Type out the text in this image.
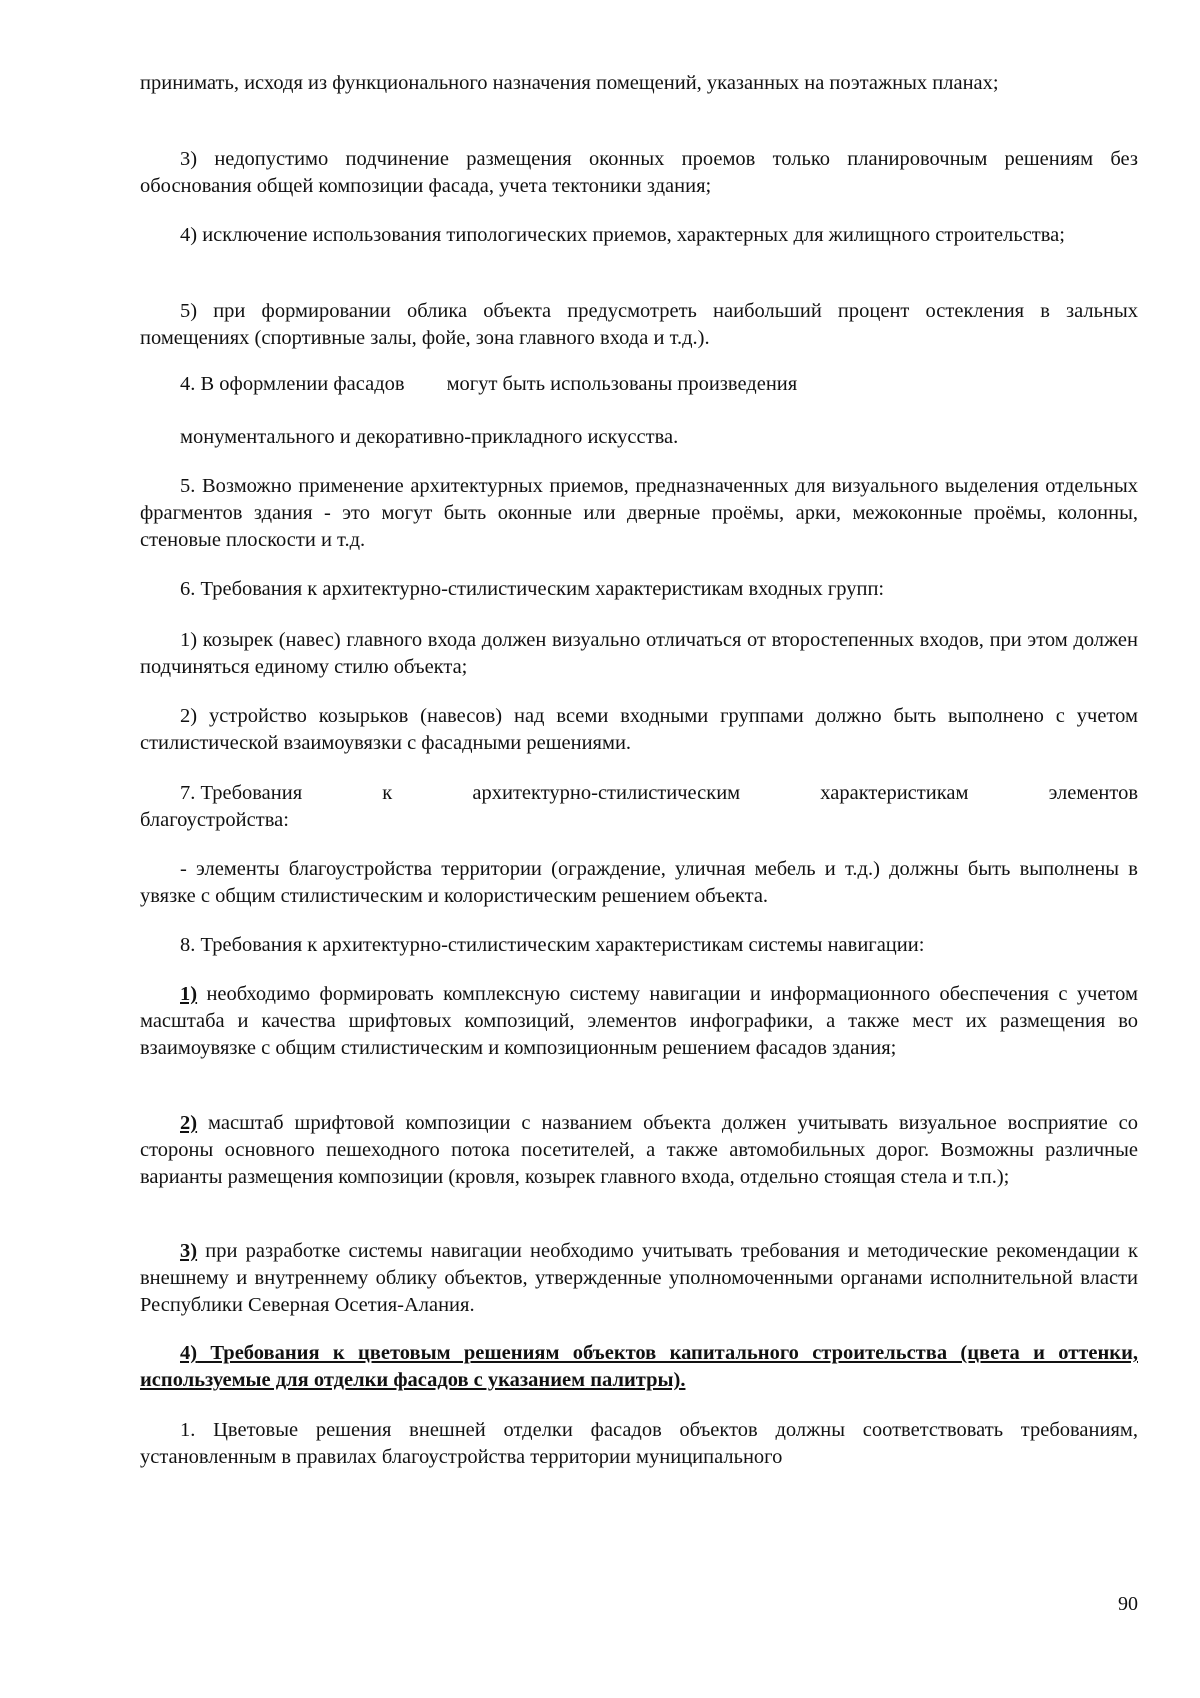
принимать, исходя из функционального назначения помещений, указанных на поэтажных планах;

3) недопустимо подчинение размещения оконных проемов только планировочным решениям без обоснования общей композиции фасада, учета тектоники здания;

4) исключение использования типологических приемов, характерных для жилищного строительства;

5) при формировании облика объекта предусмотреть наибольший процент остекления в зальных помещениях (спортивные залы, фойе, зона главного входа и т.д.).

4. В оформлении фасадов могут быть использованы произведения
монументального и декоративно-прикладного искусства.

5. Возможно применение архитектурных приемов, предназначенных для визуального выделения отдельных фрагментов здания - это могут быть оконные или дверные проёмы, арки, межоконные проёмы, колонны, стеновые плоскости и т.д.

6. Требования к архитектурно-стилистическим характеристикам входных групп:

1) козырек (навес) главного входа должен визуально отличаться от второстепенных входов, при этом должен подчиняться единому стилю объекта;

2) устройство козырьков (навесов) над всеми входными группами должно быть выполнено с учетом стилистической взаимоувязки с фасадными решениями.

7. Требования	к	архитектурно-стилистическим	характеристикам	элементов

благоустройства:

- элементы благоустройства территории (ограждение, уличная мебель и т.д.) должны быть выполнены в увязке с общим стилистическим и колористическим решением объекта.

8. Требования к архитектурно-стилистическим характеристикам системы навигации:

1) необходимо формировать комплексную систему навигации и информационного обеспечения с учетом масштаба и качества шрифтовых композиций, элементов инфографики, а также мест их размещения во взаимоувязке с общим стилистическим и композиционным решением фасадов здания;

2) масштаб шрифтовой композиции с названием объекта должен учитывать визуальное восприятие со стороны основного пешеходного потока посетителей, а также автомобильных дорог. Возможны различные варианты размещения композиции (кровля, козырек главного входа, отдельно стоящая стела и т.п.);

3) при разработке системы навигации необходимо учитывать требования и методические рекомендации к внешнему и внутреннему облику объектов, утвержденные уполномоченными органами исполнительной власти Республики Северная Осетия-Алания.

4) Требования к цветовым решениям объектов капитального строительства (цвета и оттенки, используемые для отделки фасадов с указанием палитры).

1. Цветовые решения внешней отделки фасадов объектов должны соответствовать требованиям, установленным в правилах благоустройства территории муниципального

90
